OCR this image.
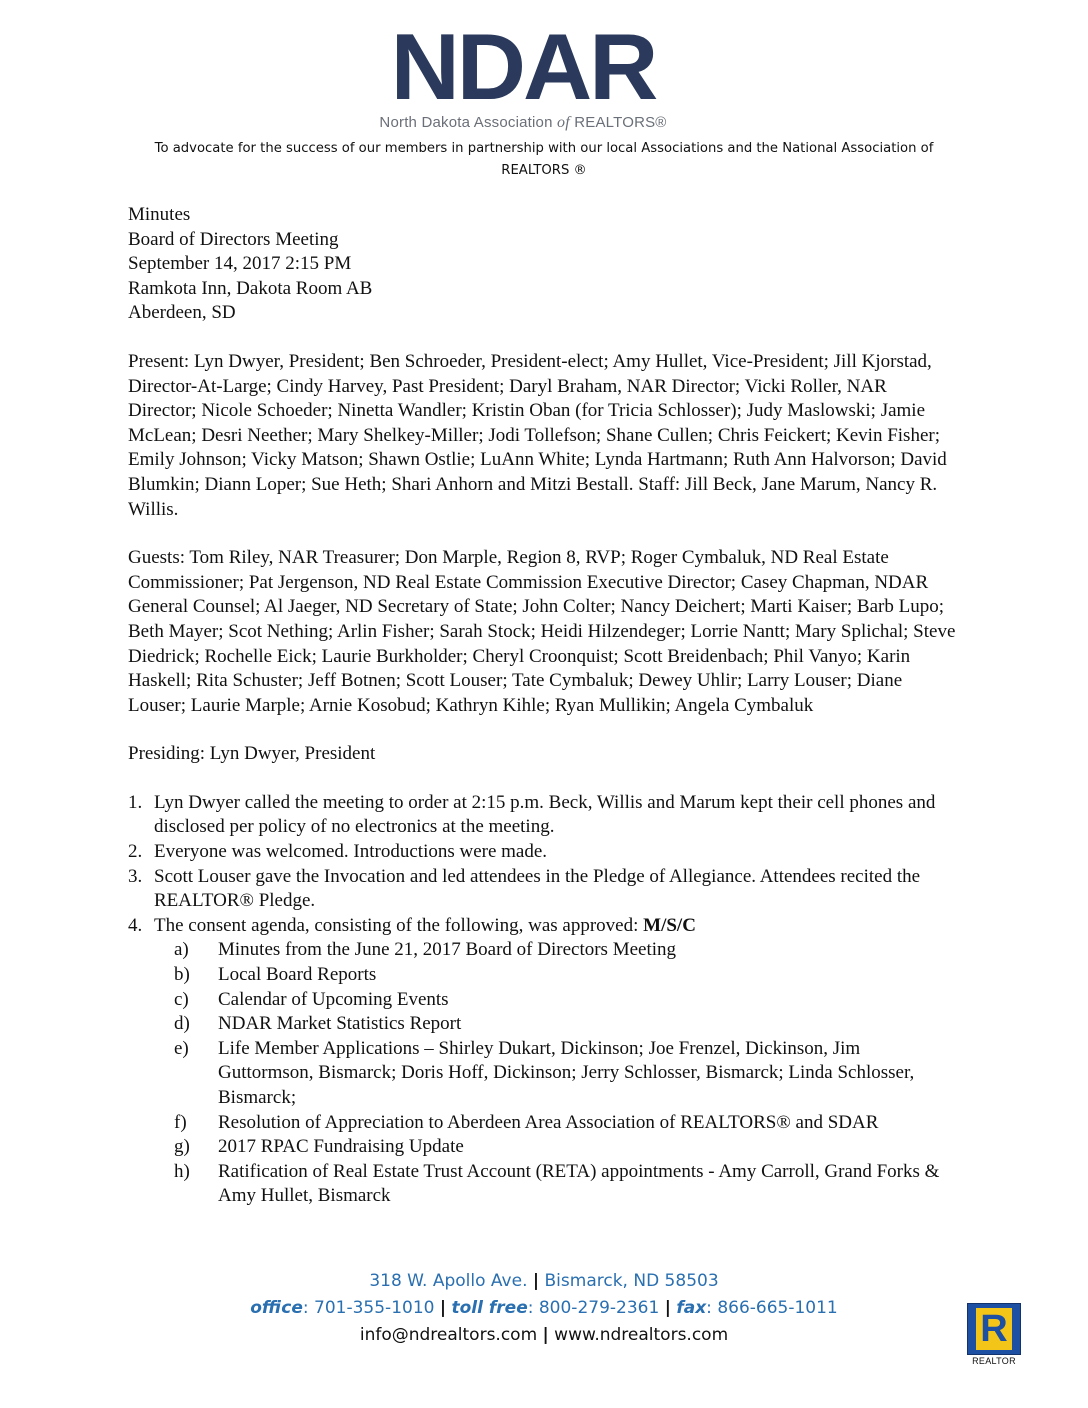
NDAR
North Dakota Association of REALTORS®
To advocate for the success of our members in partnership with our local Associations and the National Association of
REALTORS ®
Minutes
Board of Directors Meeting
September 14, 2017 2:15 PM
Ramkota Inn, Dakota Room AB
Aberdeen, SD
Present: Lyn Dwyer, President; Ben Schroeder, President-elect; Amy Hullet, Vice-President; Jill Kjorstad, Director-At-Large; Cindy Harvey, Past President; Daryl Braham, NAR Director; Vicki Roller, NAR Director; Nicole Schoeder; Ninetta Wandler; Kristin Oban (for Tricia Schlosser); Judy Maslowski; Jamie McLean; Desri Neether; Mary Shelkey-Miller; Jodi Tollefson; Shane Cullen; Chris Feickert; Kevin Fisher; Emily Johnson; Vicky Matson; Shawn Ostlie; LuAnn White; Lynda Hartmann; Ruth Ann Halvorson; David Blumkin; Diann Loper; Sue Heth; Shari Anhorn and Mitzi Bestall. Staff: Jill Beck, Jane Marum, Nancy R. Willis.
Guests: Tom Riley, NAR Treasurer; Don Marple, Region 8, RVP; Roger Cymbaluk, ND Real Estate Commissioner; Pat Jergenson, ND Real Estate Commission Executive Director; Casey Chapman, NDAR General Counsel; Al Jaeger, ND Secretary of State; John Colter; Nancy Deichert; Marti Kaiser; Barb Lupo; Beth Mayer; Scot Nething; Arlin Fisher; Sarah Stock; Heidi Hilzendeger; Lorrie Nantt; Mary Splichal; Steve Diedrick; Rochelle Eick; Laurie Burkholder; Cheryl Croonquist; Scott Breidenbach; Phil Vanyo; Karin Haskell; Rita Schuster; Jeff Botnen; Scott Louser; Tate Cymbaluk; Dewey Uhlir; Larry Louser; Diane Louser; Laurie Marple; Arnie Kosobud; Kathryn Kihle; Ryan Mullikin; Angela Cymbaluk
Presiding: Lyn Dwyer, President
1. Lyn Dwyer called the meeting to order at 2:15 p.m. Beck, Willis and Marum kept their cell phones and disclosed per policy of no electronics at the meeting.
2. Everyone was welcomed. Introductions were made.
3. Scott Louser gave the Invocation and led attendees in the Pledge of Allegiance. Attendees recited the REALTOR® Pledge.
4. The consent agenda, consisting of the following, was approved: M/S/C
a) Minutes from the June 21, 2017 Board of Directors Meeting
b) Local Board Reports
c) Calendar of Upcoming Events
d) NDAR Market Statistics Report
e) Life Member Applications – Shirley Dukart, Dickinson; Joe Frenzel, Dickinson, Jim Guttormson, Bismarck; Doris Hoff, Dickinson; Jerry Schlosser, Bismarck; Linda Schlosser, Bismarck;
f) Resolution of Appreciation to Aberdeen Area Association of REALTORS® and SDAR
g) 2017 RPAC Fundraising Update
h) Ratification of Real Estate Trust Account (RETA) appointments - Amy Carroll, Grand Forks & Amy Hullet, Bismarck
318 W. Apollo Ave. | Bismarck, ND 58503
office: 701-355-1010 | toll free: 800-279-2361 | fax: 866-665-1011
info@ndrealtors.com | www.ndrealtors.com	R
REALTOR
